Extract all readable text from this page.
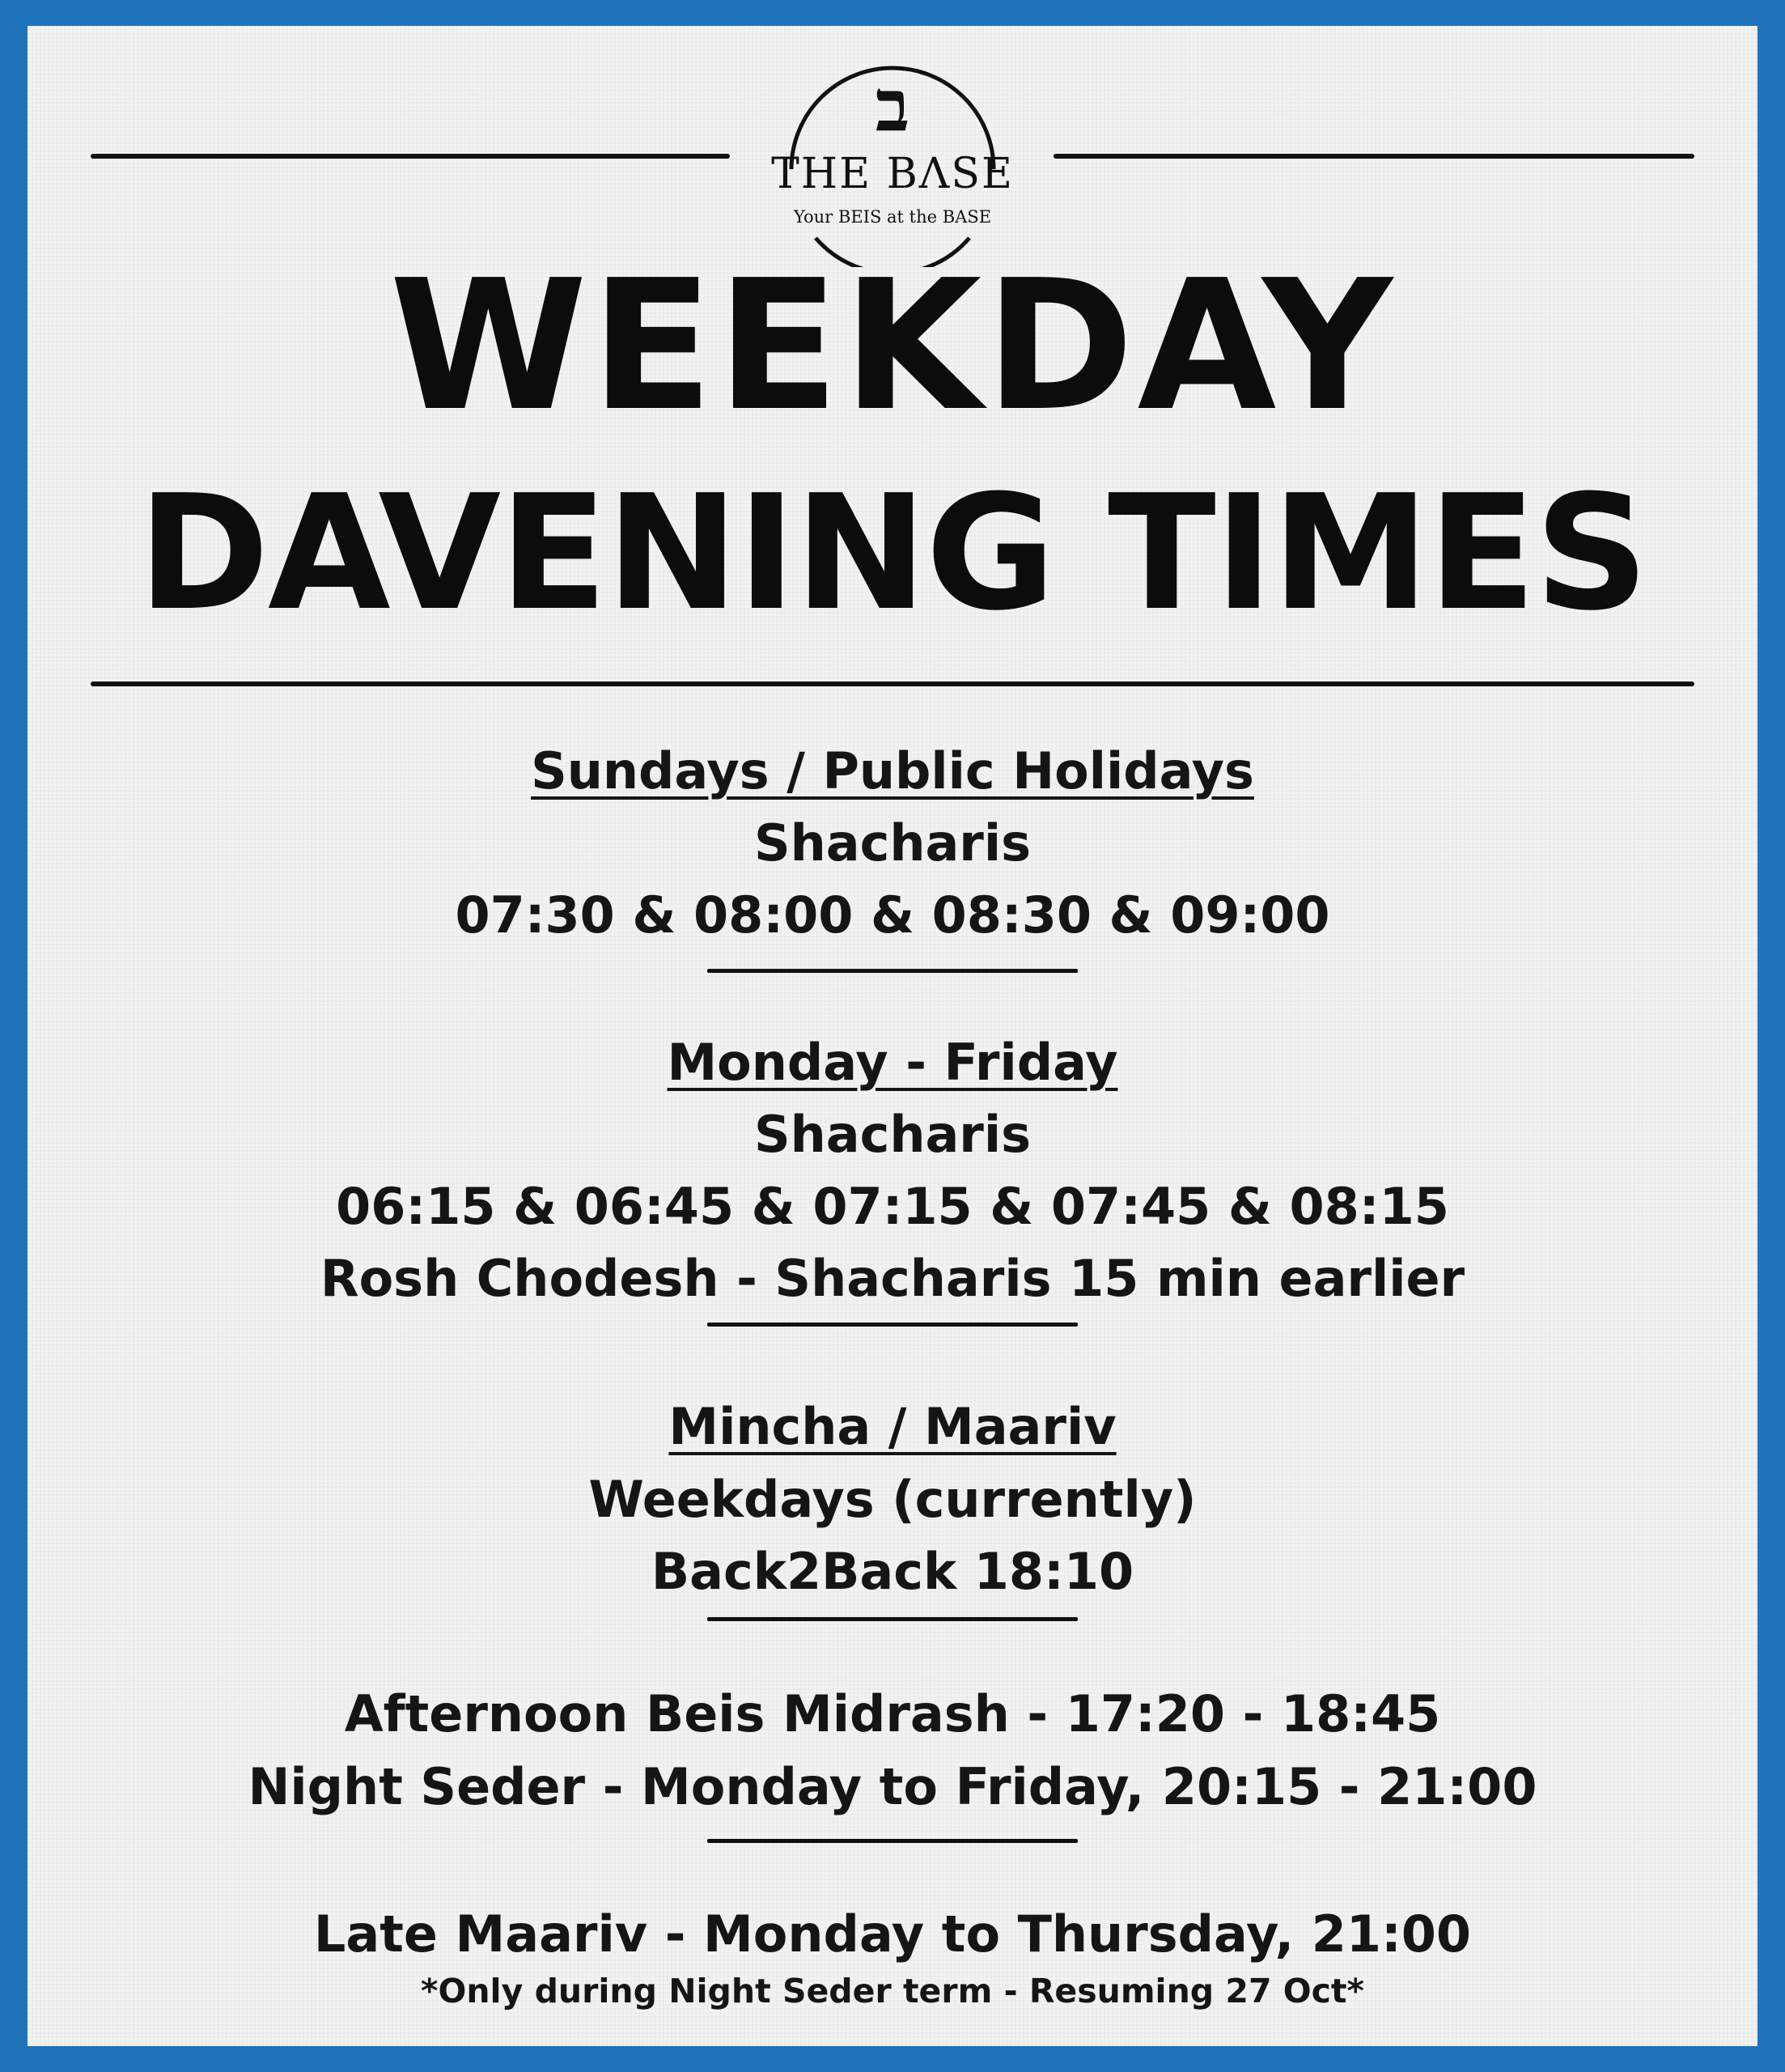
ב
THE BΛSE
Your BEIS at the BASE
WEEKDAY
DAVENING TIMES
Sundays / Public Holidays
Shacharis
07:30 & 08:00 & 08:30 & 09:00
Monday - Friday
Shacharis
06:15 & 06:45 & 07:15 & 07:45 & 08:15
Rosh Chodesh - Shacharis 15 min earlier
Mincha / Maariv
Weekdays (currently)
Back2Back 18:10
Afternoon Beis Midrash - 17:20 - 18:45
Night Seder - Monday to Friday, 20:15 - 21:00
Late Maariv - Monday to Thursday, 21:00
*Only during Night Seder term - Resuming 27 Oct*
